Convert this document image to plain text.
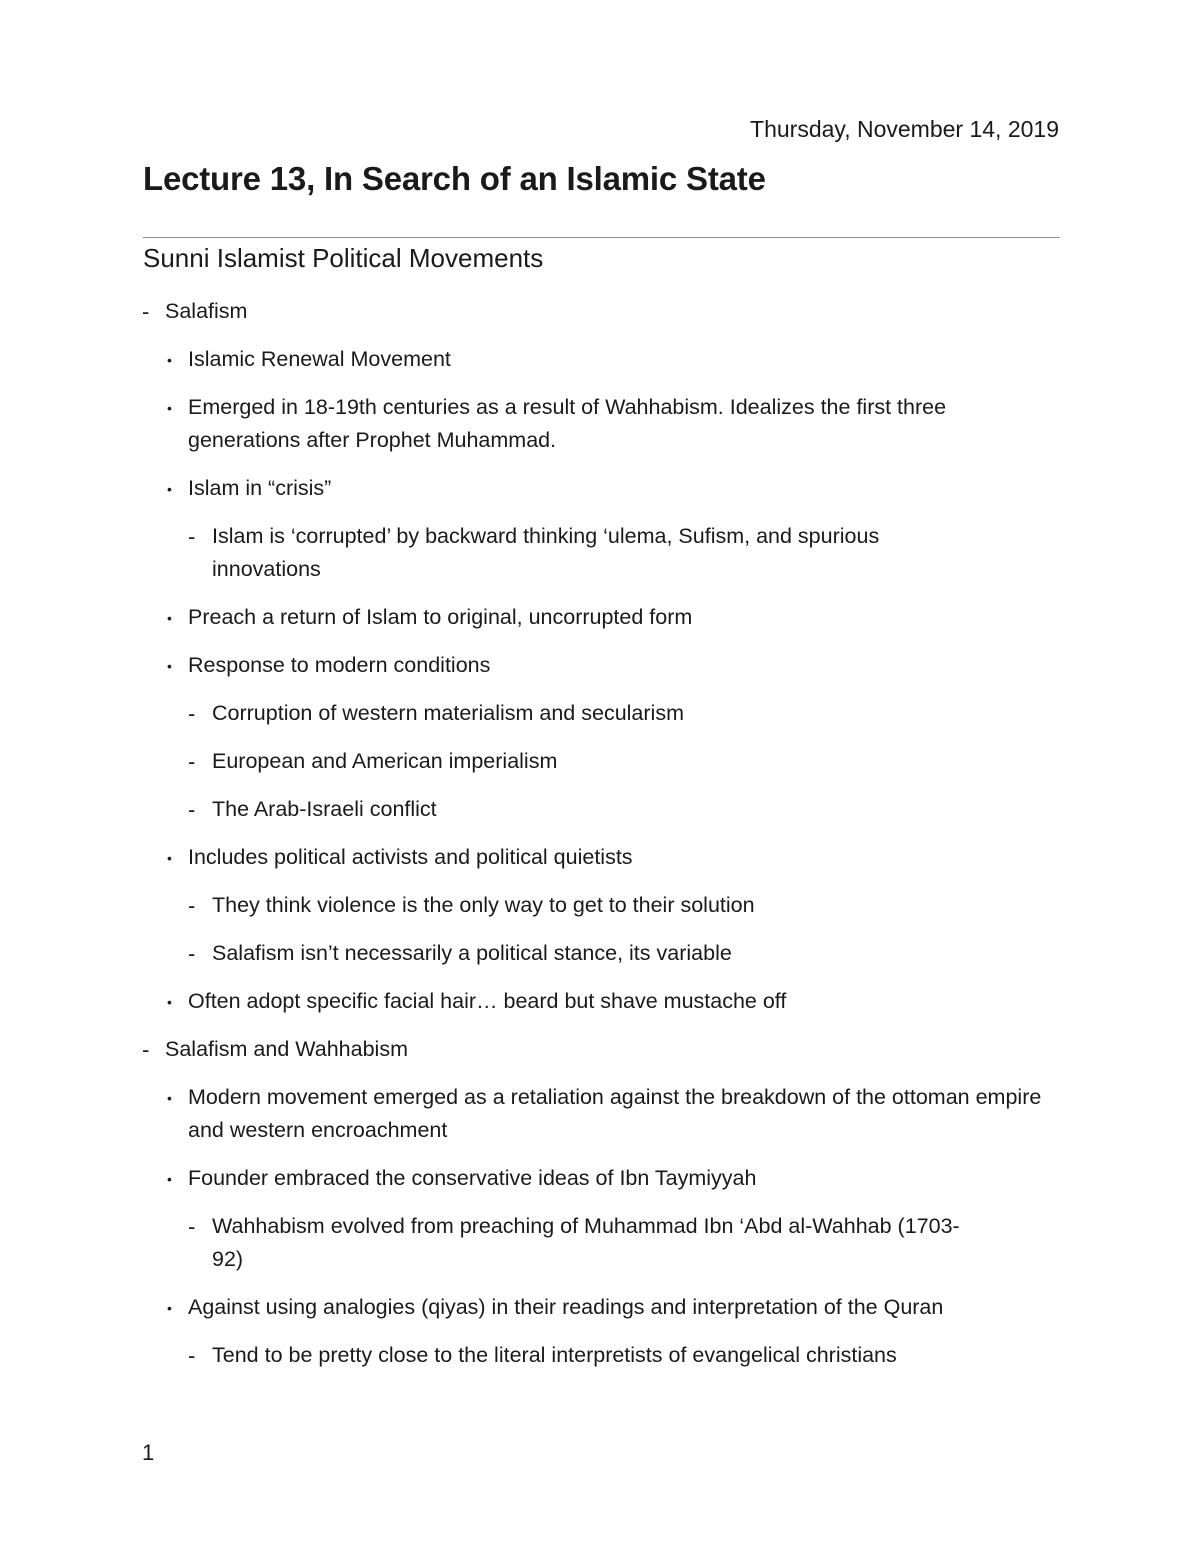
Thursday, November 14, 2019
Lecture 13, In Search of an Islamic State
Sunni Islamist Political Movements
- Salafism
• Islamic Renewal Movement
• Emerged in 18-19th centuries as a result of Wahhabism. Idealizes the first three generations after Prophet Muhammad.
• Islam in “crisis”
- Islam is ‘corrupted’ by backward thinking ‘ulema, Sufism, and spurious innovations
• Preach a return of Islam to original, uncorrupted form
• Response to modern conditions
- Corruption of western materialism and secularism
- European and American imperialism
- The Arab-Israeli conflict
• Includes political activists and political quietists
- They think violence is the only way to get to their solution
- Salafism isn’t necessarily a political stance, its variable
• Often adopt specific facial hair… beard but shave mustache off
- Salafism and Wahhabism
• Modern movement emerged as a retaliation against the breakdown of the ottoman empire and western encroachment
• Founder embraced the conservative ideas of Ibn Taymiyyah
- Wahhabism evolved from preaching of Muhammad Ibn ‘Abd al-Wahhab (1703-92)
• Against using analogies (qiyas) in their readings and interpretation of the Quran
- Tend to be pretty close to the literal interpretists of evangelical christians
1
